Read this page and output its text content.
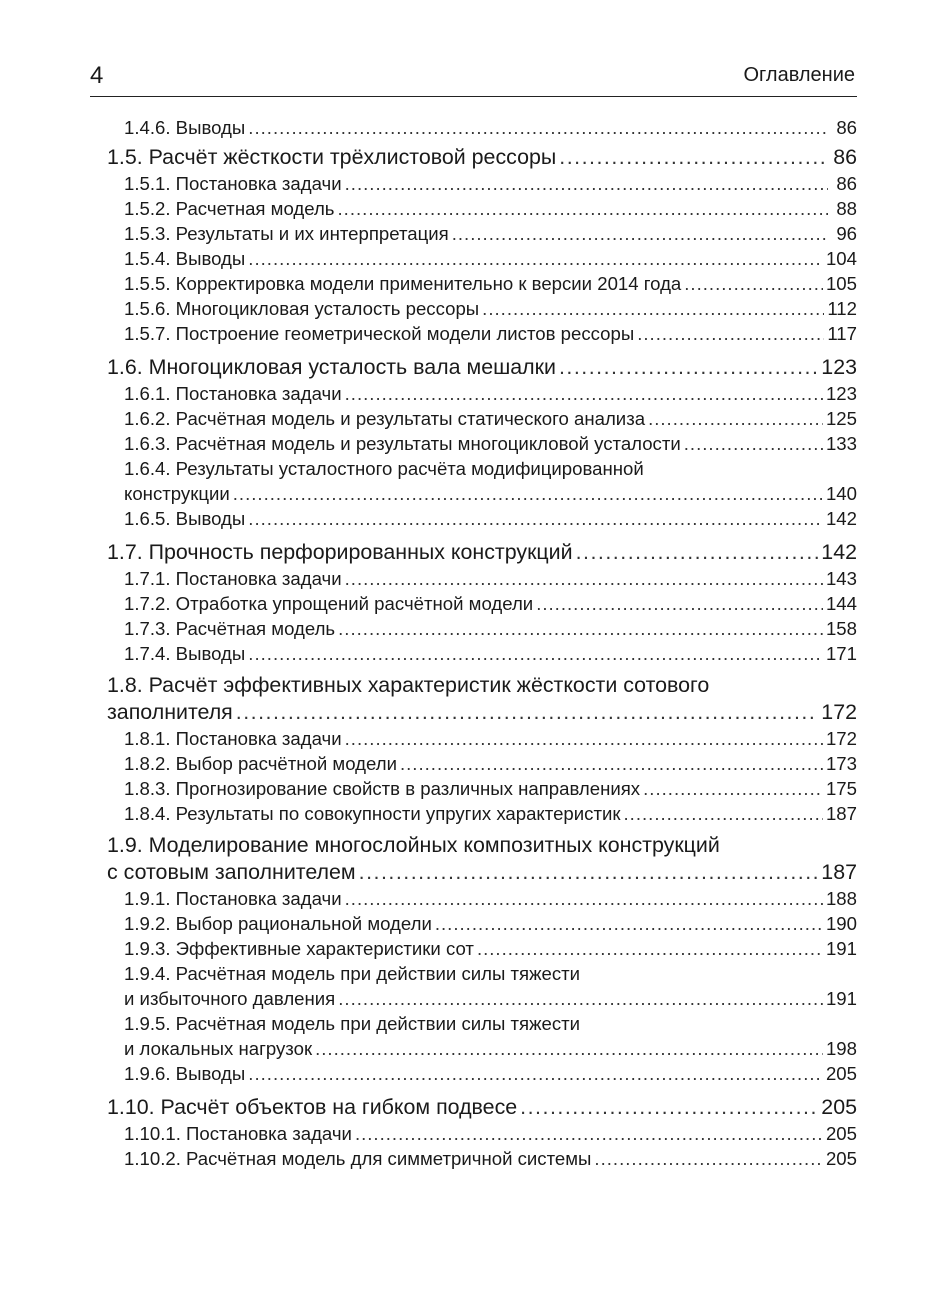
4	Оглавление
1.4.6. Выводы .....	86
1.5. Расчёт жёсткости трёхлистовой рессоры .....	86
1.5.1. Постановка задачи .....	86
1.5.2. Расчетная модель .....	88
1.5.3. Результаты и их интерпретация .....	96
1.5.4. Выводы .....	104
1.5.5. Корректировка модели применительно к версии 2014 года .....	105
1.5.6. Многоцикловая усталость рессоры .....	112
1.5.7. Построение геометрической модели листов рессоры .....	117
1.6. Многоцикловая усталость вала мешалки .....	123
1.6.1. Постановка задачи .....	123
1.6.2. Расчётная модель и результаты статического анализа .....	125
1.6.3. Расчётная модель и результаты многоцикловой усталости .....	133
1.6.4. Результаты усталостного расчёта модифицированной
конструкции .....	140
1.6.5. Выводы .....	142
1.7. Прочность перфорированных конструкций .....	142
1.7.1. Постановка задачи .....	143
1.7.2. Отработка упрощений расчётной модели .....	144
1.7.3. Расчётная модель .....	158
1.7.4. Выводы .....	171
1.8. Расчёт эффективных характеристик жёсткости сотового
заполнителя .....	172
1.8.1. Постановка задачи .....	172
1.8.2. Выбор расчётной модели .....	173
1.8.3. Прогнозирование свойств в различных направлениях .....	175
1.8.4. Результаты по совокупности упругих характеристик .....	187
1.9. Моделирование многослойных композитных конструкций
с сотовым заполнителем .....	187
1.9.1. Постановка задачи .....	188
1.9.2. Выбор рациональной модели .....	190
1.9.3. Эффективные характеристики сот .....	191
1.9.4. Расчётная модель при действии силы тяжести
и избыточного давления .....	191
1.9.5. Расчётная модель при действии силы тяжести
и локальных нагрузок .....	198
1.9.6. Выводы .....	205
1.10. Расчёт объектов на гибком подвесе .....	205
1.10.1. Постановка задачи .....	205
1.10.2. Расчётная модель для симметричной системы .....	205
